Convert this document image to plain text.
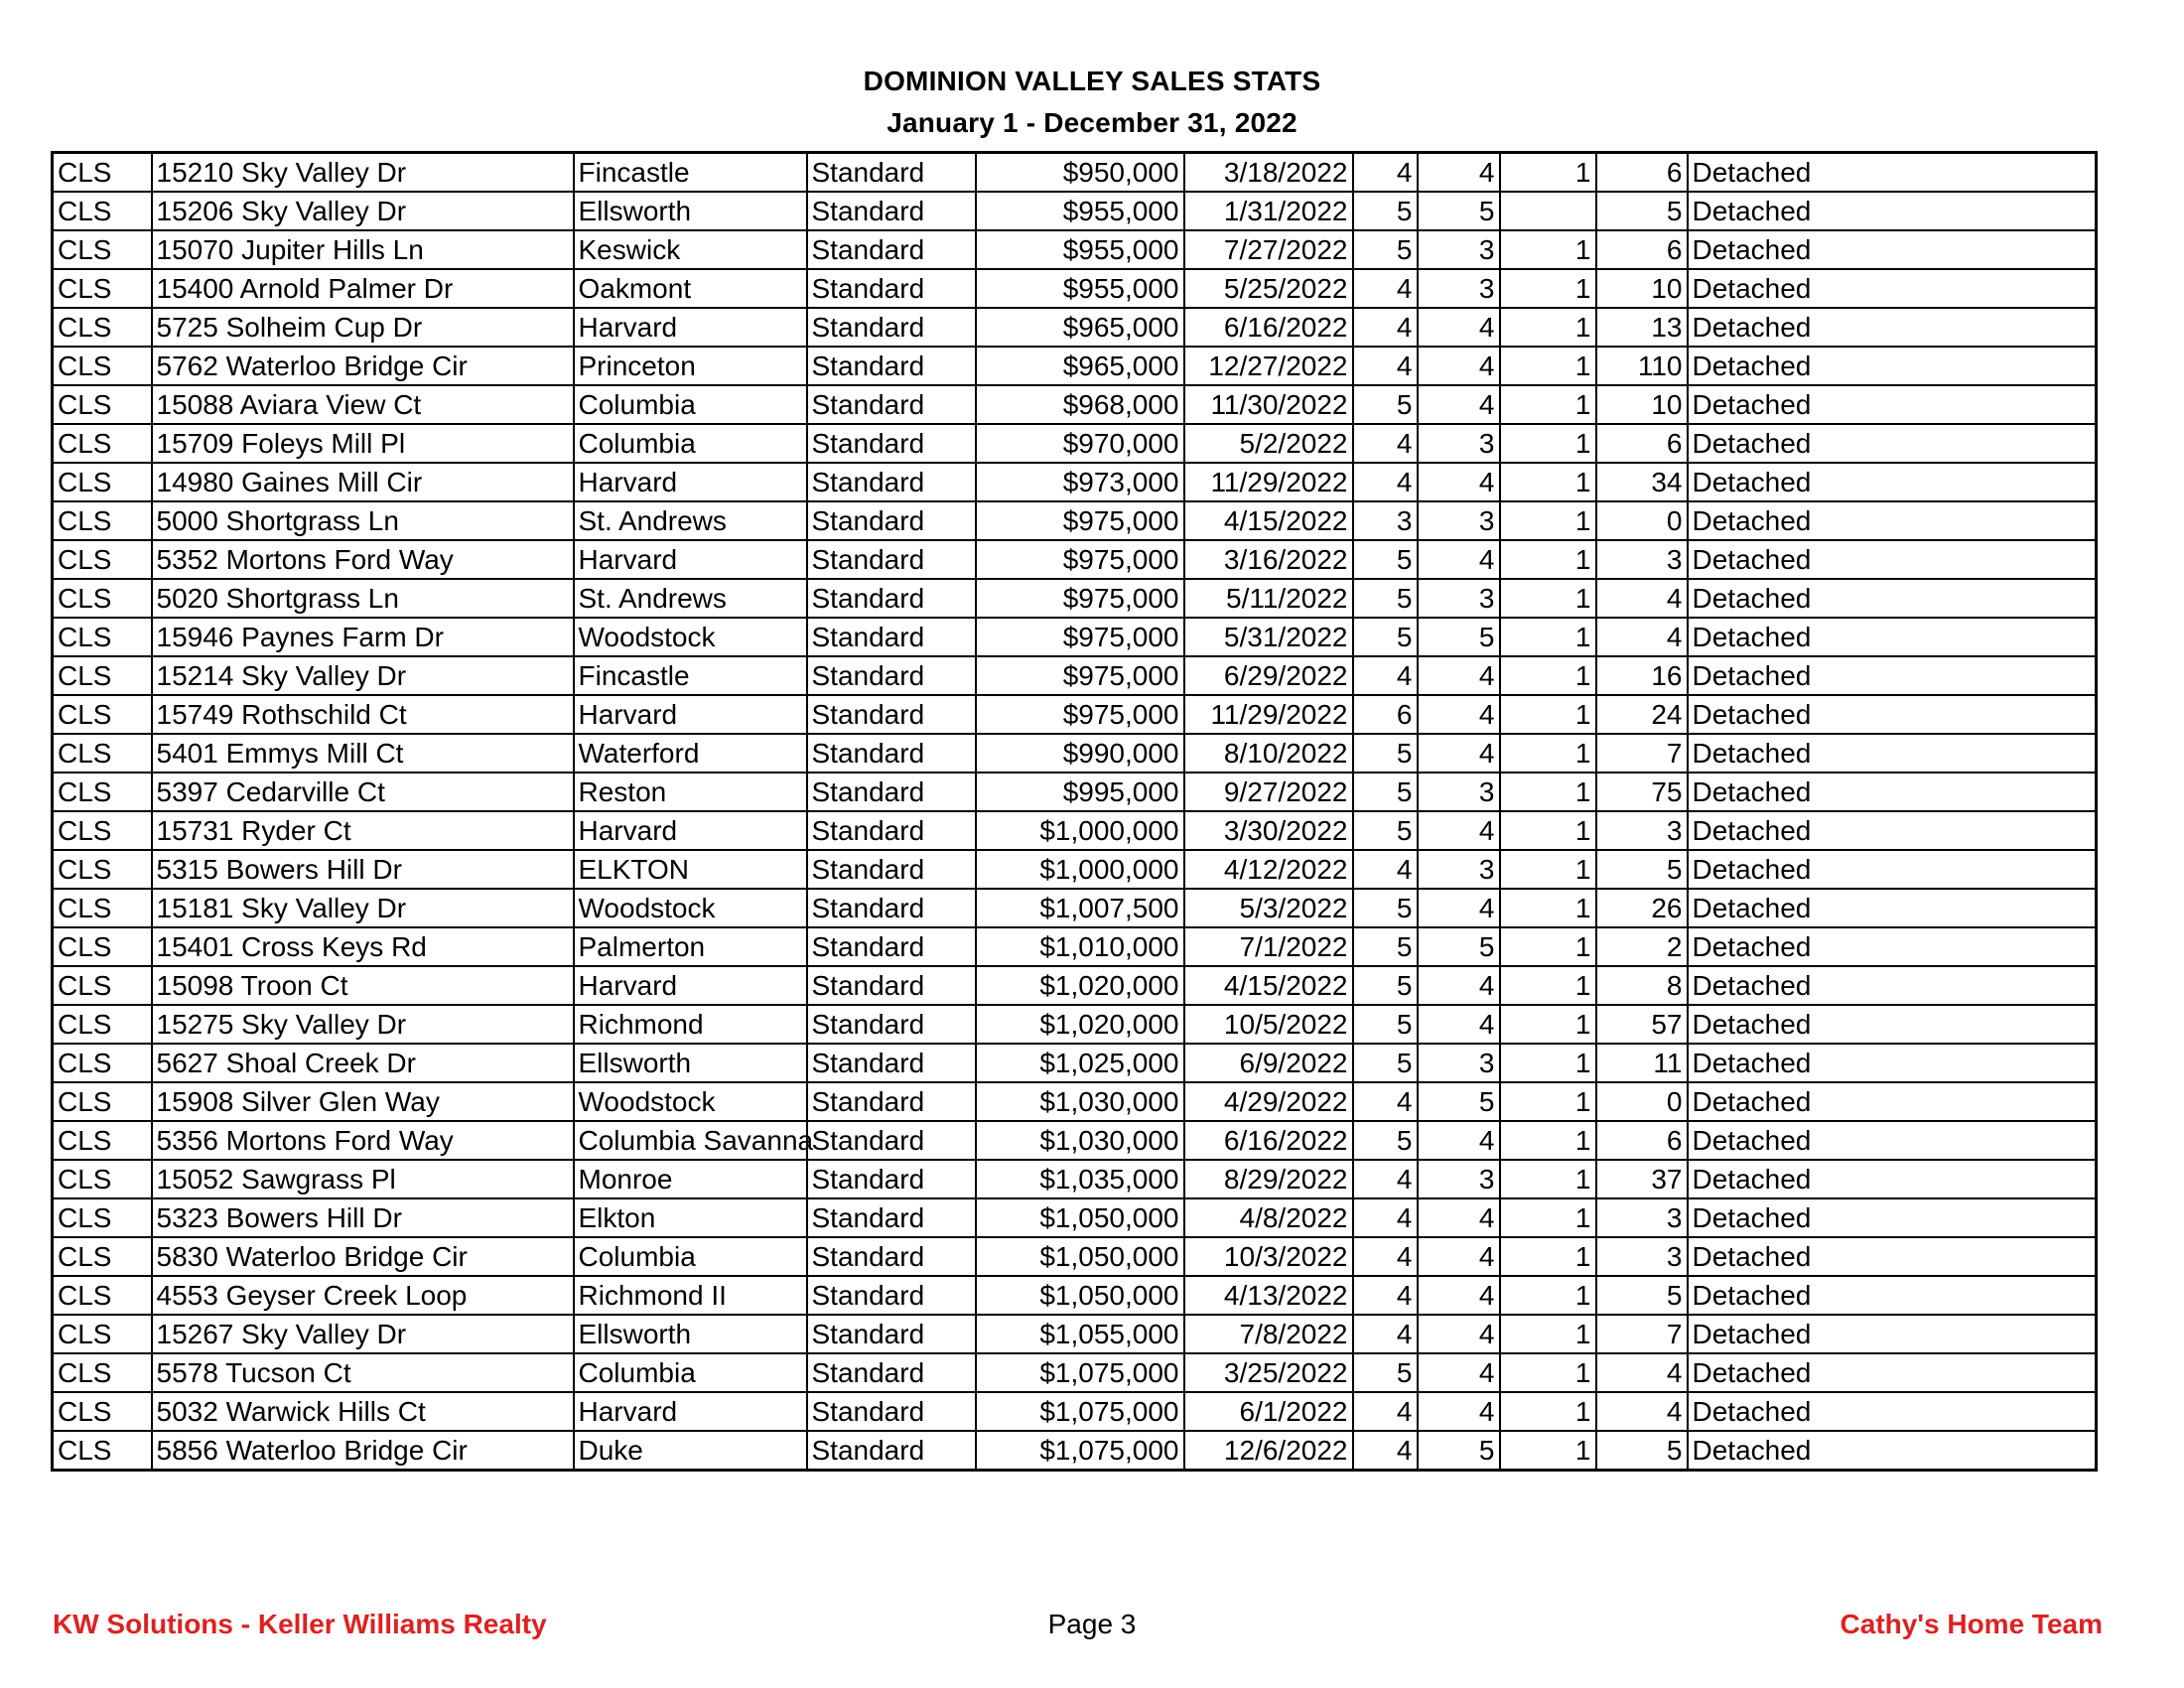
DOMINION VALLEY SALES STATS
January 1 - December 31, 2022
CLS	15210 Sky Valley Dr	Fincastle	Standard	$950,000	3/18/2022	4	4	1	6	Detached
CLS	15206 Sky Valley Dr	Ellsworth	Standard	$955,000	1/31/2022	5	5		5	Detached
CLS	15070 Jupiter Hills Ln	Keswick	Standard	$955,000	7/27/2022	5	3	1	6	Detached
CLS	15400 Arnold Palmer Dr	Oakmont	Standard	$955,000	5/25/2022	4	3	1	10	Detached
CLS	5725 Solheim Cup Dr	Harvard	Standard	$965,000	6/16/2022	4	4	1	13	Detached
CLS	5762 Waterloo Bridge Cir	Princeton	Standard	$965,000	12/27/2022	4	4	1	110	Detached
CLS	15088 Aviara View Ct	Columbia	Standard	$968,000	11/30/2022	5	4	1	10	Detached
CLS	15709 Foleys Mill Pl	Columbia	Standard	$970,000	5/2/2022	4	3	1	6	Detached
CLS	14980 Gaines Mill Cir	Harvard	Standard	$973,000	11/29/2022	4	4	1	34	Detached
CLS	5000 Shortgrass Ln	St. Andrews	Standard	$975,000	4/15/2022	3	3	1	0	Detached
CLS	5352 Mortons Ford Way	Harvard	Standard	$975,000	3/16/2022	5	4	1	3	Detached
CLS	5020 Shortgrass Ln	St. Andrews	Standard	$975,000	5/11/2022	5	3	1	4	Detached
CLS	15946 Paynes Farm Dr	Woodstock	Standard	$975,000	5/31/2022	5	5	1	4	Detached
CLS	15214 Sky Valley Dr	Fincastle	Standard	$975,000	6/29/2022	4	4	1	16	Detached
CLS	15749 Rothschild Ct	Harvard	Standard	$975,000	11/29/2022	6	4	1	24	Detached
CLS	5401 Emmys Mill Ct	Waterford	Standard	$990,000	8/10/2022	5	4	1	7	Detached
CLS	5397 Cedarville Ct	Reston	Standard	$995,000	9/27/2022	5	3	1	75	Detached
CLS	15731 Ryder Ct	Harvard	Standard	$1,000,000	3/30/2022	5	4	1	3	Detached
CLS	5315 Bowers Hill Dr	ELKTON	Standard	$1,000,000	4/12/2022	4	3	1	5	Detached
CLS	15181 Sky Valley Dr	Woodstock	Standard	$1,007,500	5/3/2022	5	4	1	26	Detached
CLS	15401 Cross Keys Rd	Palmerton	Standard	$1,010,000	7/1/2022	5	5	1	2	Detached
CLS	15098 Troon Ct	Harvard	Standard	$1,020,000	4/15/2022	5	4	1	8	Detached
CLS	15275 Sky Valley Dr	Richmond	Standard	$1,020,000	10/5/2022	5	4	1	57	Detached
CLS	5627 Shoal Creek Dr	Ellsworth	Standard	$1,025,000	6/9/2022	5	3	1	11	Detached
CLS	15908 Silver Glen Way	Woodstock	Standard	$1,030,000	4/29/2022	4	5	1	0	Detached
CLS	5356 Mortons Ford Way	Columbia Savanna	Standard	$1,030,000	6/16/2022	5	4	1	6	Detached
CLS	15052 Sawgrass Pl	Monroe	Standard	$1,035,000	8/29/2022	4	3	1	37	Detached
CLS	5323 Bowers Hill Dr	Elkton	Standard	$1,050,000	4/8/2022	4	4	1	3	Detached
CLS	5830 Waterloo Bridge Cir	Columbia	Standard	$1,050,000	10/3/2022	4	4	1	3	Detached
CLS	4553 Geyser Creek Loop	Richmond II	Standard	$1,050,000	4/13/2022	4	4	1	5	Detached
CLS	15267 Sky Valley Dr	Ellsworth	Standard	$1,055,000	7/8/2022	4	4	1	7	Detached
CLS	5578 Tucson Ct	Columbia	Standard	$1,075,000	3/25/2022	5	4	1	4	Detached
CLS	5032 Warwick Hills Ct	Harvard	Standard	$1,075,000	6/1/2022	4	4	1	4	Detached
CLS	5856 Waterloo Bridge Cir	Duke	Standard	$1,075,000	12/6/2022	4	5	1	5	Detached
KW Solutions - Keller Williams Realty	Page 3	Cathy's Home Team
